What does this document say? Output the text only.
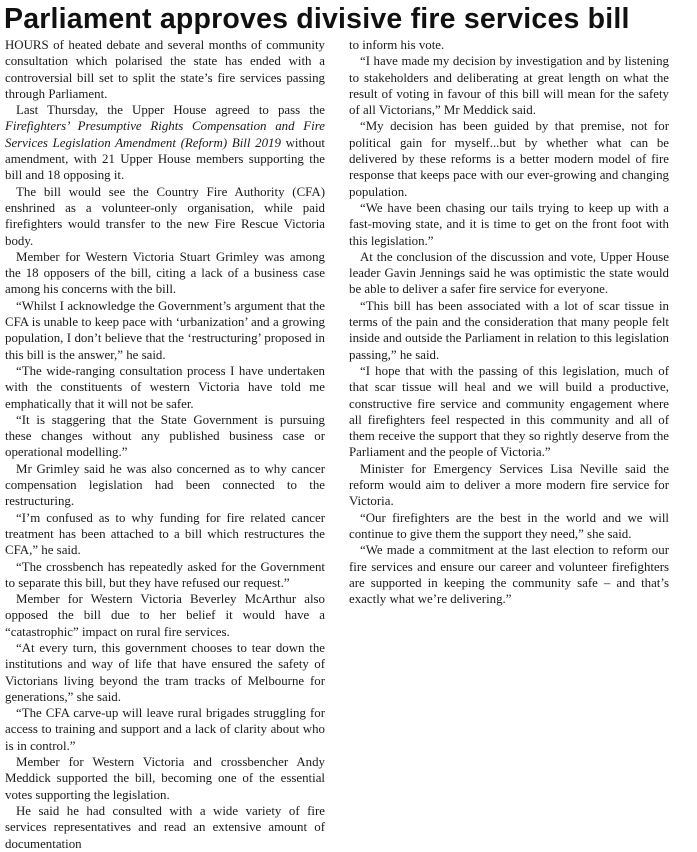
Parliament approves divisive fire services bill

HOURS of heated debate and several months of community consultation which polarised the state has ended with a controversial bill set to split the state’s fire services passing through Parliament.

Last Thursday, the Upper House agreed to pass the Firefighters’ Presumptive Rights Compensation and Fire Services Legislation Amendment (Reform) Bill 2019 without amendment, with 21 Upper House members supporting the bill and 18 opposing it.

The bill would see the Country Fire Authority (CFA) enshrined as a volunteer-only organisation, while paid firefighters would transfer to the new Fire Rescue Victoria body.

Member for Western Victoria Stuart Grimley was among the 18 opposers of the bill, citing a lack of a business case among his concerns with the bill.

“Whilst I acknowledge the Government’s argument that the CFA is unable to keep pace with ‘urbanization’ and a growing population, I don’t believe that the ‘restructuring’ proposed in this bill is the answer,” he said.

“The wide-ranging consultation process I have undertaken with the constituents of western Victoria have told me emphatically that it will not be safer.

“It is staggering that the State Government is pursuing these changes without any published business case or operational modelling.”

Mr Grimley said he was also concerned as to why cancer compensation legislation had been connected to the restructuring.

“I’m confused as to why funding for fire related cancer treatment has been attached to a bill which restructures the CFA,” he said.

“The crossbench has repeatedly asked for the Government to separate this bill, but they have refused our request.”

Member for Western Victoria Beverley McArthur also opposed the bill due to her belief it would have a “catastrophic” impact on rural fire services.

“At every turn, this government chooses to tear down the institutions and way of life that have ensured the safety of Victorians living beyond the tram tracks of Melbourne for generations,” she said.

“The CFA carve-up will leave rural brigades struggling for access to training and support and a lack of clarity about who is in control.”

Member for Western Victoria and crossbencher Andy Meddick supported the bill, becoming one of the essential votes supporting the legislation.

He said he had consulted with a wide variety of fire services representatives and read an extensive amount of documentation

to inform his vote.

“I have made my decision by investigation and by listening to stakeholders and deliberating at great length on what the result of voting in favour of this bill will mean for the safety of all Victorians,” Mr Meddick said.

“My decision has been guided by that premise, not for political gain for myself...but by whether what can be delivered by these reforms is a better modern model of fire response that keeps pace with our ever-growing and changing population.

“We have been chasing our tails trying to keep up with a fast-moving state, and it is time to get on the front foot with this legislation.”

At the conclusion of the discussion and vote, Upper House leader Gavin Jennings said he was optimistic the state would be able to deliver a safer fire service for everyone.

“This bill has been associated with a lot of scar tissue in terms of the pain and the consideration that many people felt inside and outside the Parliament in relation to this legislation passing,” he said.

“I hope that with the passing of this legislation, much of that scar tissue will heal and we will build a productive, constructive fire service and community engagement where all firefighters feel respected in this community and all of them receive the support that they so rightly deserve from the Parliament and the people of Victoria.”

Minister for Emergency Services Lisa Neville said the reform would aim to deliver a more modern fire service for Victoria.

“Our firefighters are the best in the world and we will continue to give them the support they need,” she said.

“We made a commitment at the last election to reform our fire services and ensure our career and volunteer firefighters are supported in keeping the community safe – and that’s exactly what we’re delivering.”
